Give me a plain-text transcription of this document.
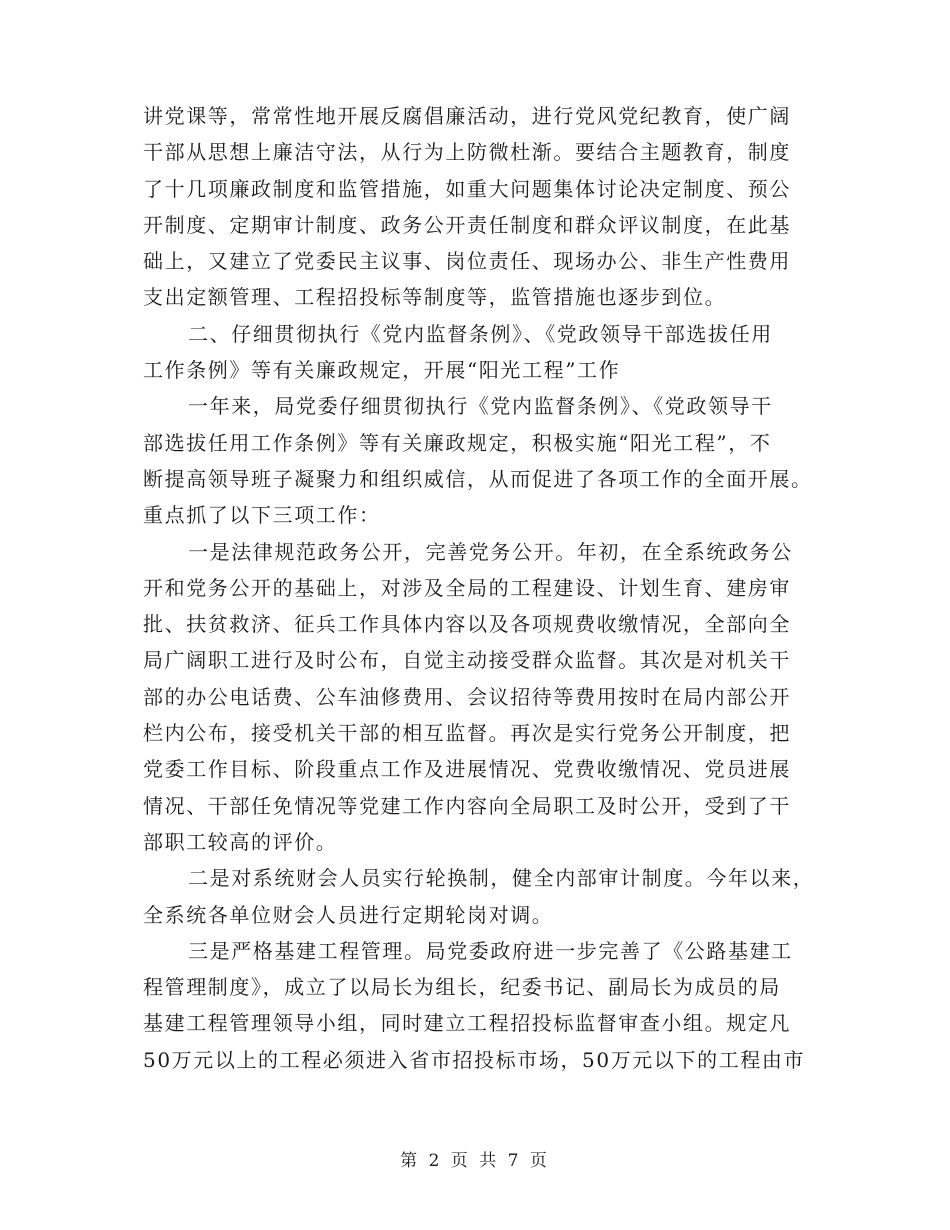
讲党课等，常常性地开展反腐倡廉活动，进行党风党纪教育，使广阔
干部从思想上廉洁守法，从行为上防微杜渐。要结合主题教育，制度
了十几项廉政制度和监管措施，如重大问题集体讨论决定制度、预公
开制度、定期审计制度、政务公开责任制度和群众评议制度，在此基
础上，又建立了党委民主议事、岗位责任、现场办公、非生产性费用
支出定额管理、工程招投标等制度等，监管措施也逐步到位。

二、仔细贯彻执行《党内监督条例》、《党政领导干部选拔任用
工作条例》等有关廉政规定，开展“阳光工程”工作

一年来，局党委仔细贯彻执行《党内监督条例》、《党政领导干
部选拔任用工作条例》等有关廉政规定，积极实施“阳光工程”，不
断提高领导班子凝聚力和组织威信，从而促进了各项工作的全面开展。
重点抓了以下三项工作：

一是法律规范政务公开，完善党务公开。年初，在全系统政务公
开和党务公开的基础上，对涉及全局的工程建设、计划生育、建房审
批、扶贫救济、征兵工作具体内容以及各项规费收缴情况，全部向全
局广阔职工进行及时公布，自觉主动接受群众监督。其次是对机关干
部的办公电话费、公车油修费用、会议招待等费用按时在局内部公开
栏内公布，接受机关干部的相互监督。再次是实行党务公开制度，把
党委工作目标、阶段重点工作及进展情况、党费收缴情况、党员进展
情况、干部任免情况等党建工作内容向全局职工及时公开，受到了干
部职工较高的评价。

二是对系统财会人员实行轮换制，健全内部审计制度。今年以来，
全系统各单位财会人员进行定期轮岗对调。

三是严格基建工程管理。局党委政府进一步完善了《公路基建工
程管理制度》，成立了以局长为组长，纪委书记、副局长为成员的局
基建工程管理领导小组，同时建立工程招投标监督审查小组。规定凡
50万元以上的工程必须进入省市招投标市场，50万元以下的工程由市

第 2 页 共 7 页
